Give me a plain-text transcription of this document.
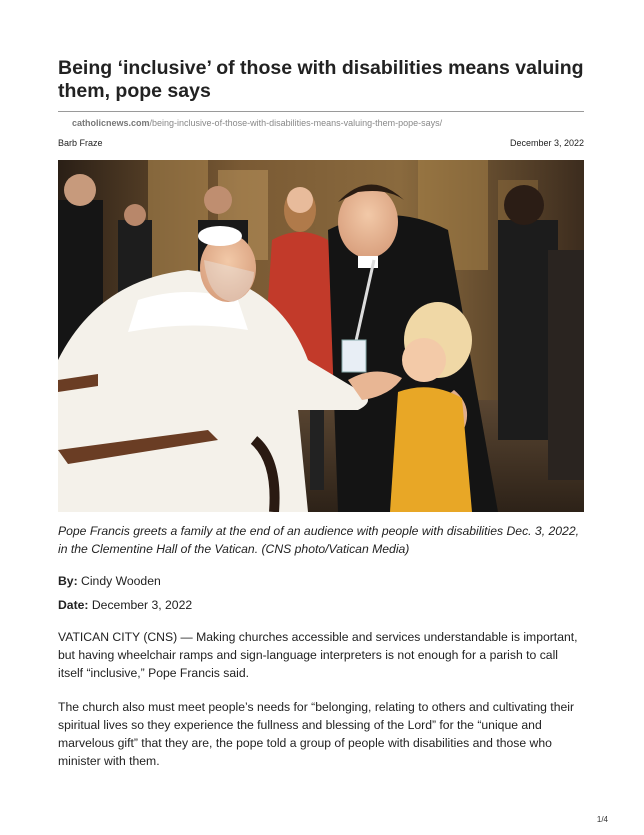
Being ‘inclusive’ of those with disabilities means valuing them, pope says
catholicnews.com/being-inclusive-of-those-with-disabilities-means-valuing-them-pope-says/
Barb Fraze	December 3, 2022

Pope Francis greets a family at the end of an audience with people with disabilities Dec. 3, 2022, in the Clementine Hall of the Vatican. (CNS photo/Vatican Media)

By: Cindy Wooden

Date: December 3, 2022

VATICAN CITY (CNS) — Making churches accessible and services understandable is important, but having wheelchair ramps and sign-language interpreters is not enough for a parish to call itself “inclusive,” Pope Francis said.

The church also must meet people’s needs for “belonging, relating to others and cultivating their spiritual lives so they experience the fullness and blessing of the Lord” for the “unique and marvelous gift” that they are, the pope told a group of people with disabilities and those who minister with them.

1/4
